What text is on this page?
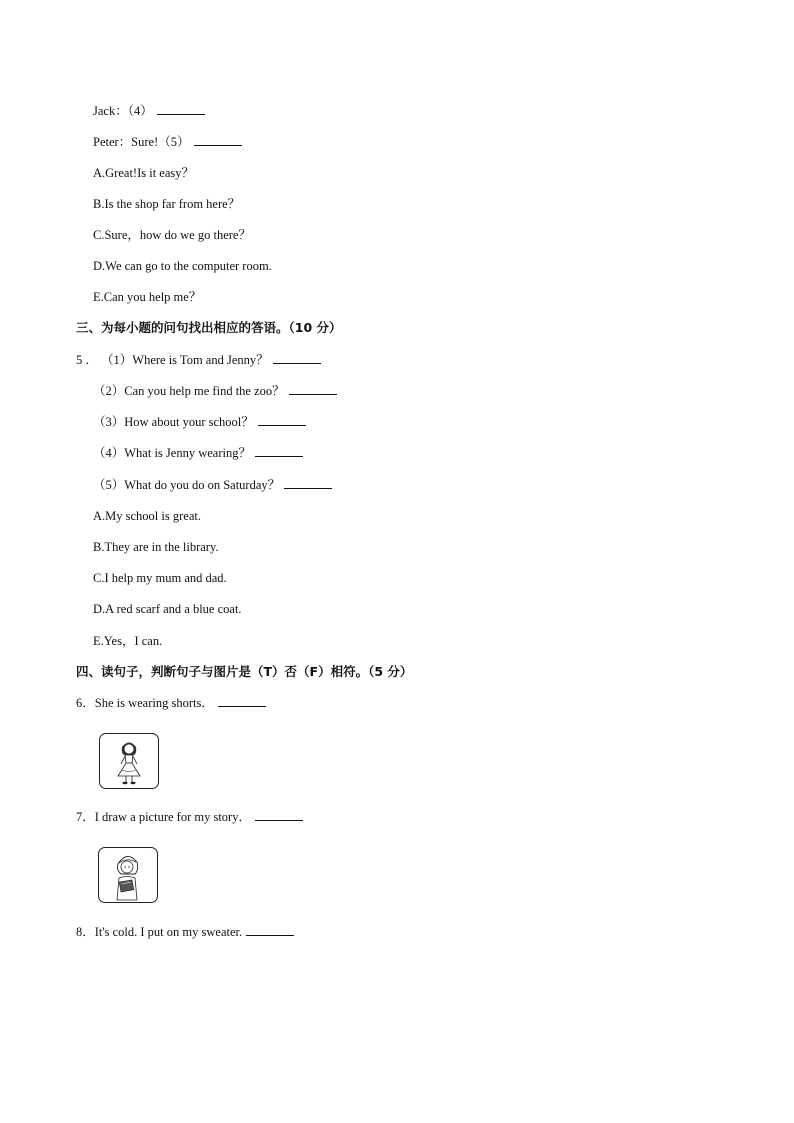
Jack：（4）
Peter：Sure!（5）
A.Great!Is it easy？
B.Is the shop far from here？
C.Sure，how do we go there？
D.We can go to the computer room.
E.Can you help me？
三、为每小题的问句找出相应的答语。（10 分）
5 ． （1）Where is Tom and Jenny？
（2）Can you help me find the zoo？
（3）How about your school？
（4）What is Jenny wearing？
（5）What do you do on Saturday？
A.My school is great.
B.They are in the library.
C.I help my mum and dad.
D.A red scarf and a blue coat.
E.Yes，I can.
四、读句子，判断句子与图片是（T）否（F）相符。（5 分）
6．She is wearing shorts．
7．I draw a picture for my story．
8．It's cold. I put on my sweater.
